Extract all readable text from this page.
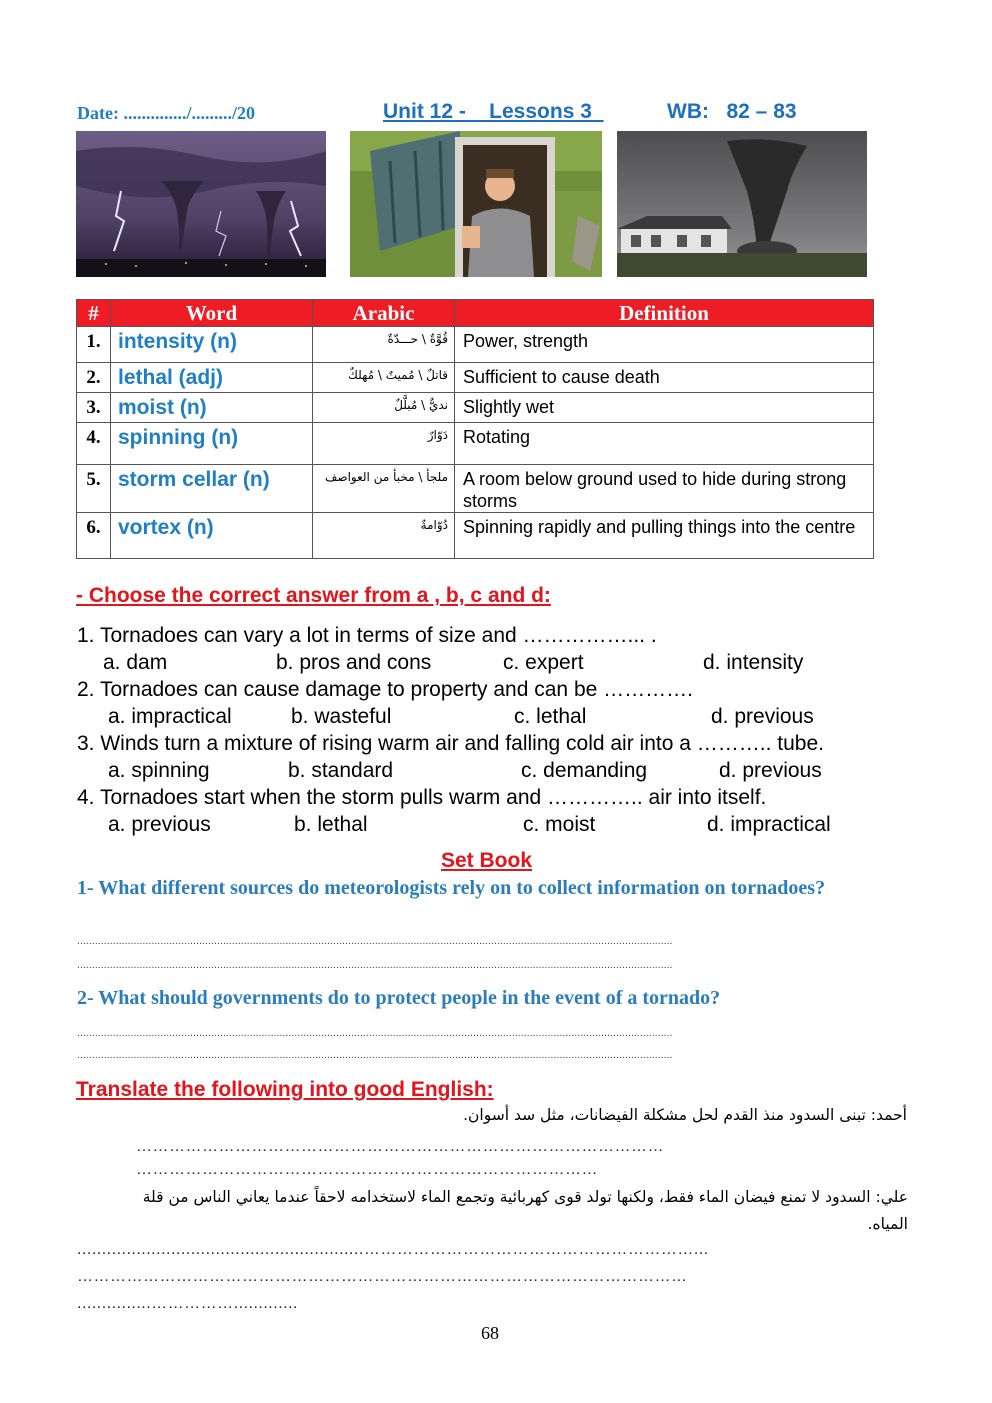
Date: ............../........./20	Unit 12 -    Lessons 3	WB:   82 – 83
#	Word	Arabic	Definition
1.	intensity (n)	قُوَّةٌ \ حـــدّةٌ	Power, strength
2.	lethal (adj)	قاتلٌ \ مُميتٌ \ مُهلكٌ	Sufficient to cause death
3.	moist (n)	نديٌّ \ مُبلَّلٌ	Slightly wet
4.	spinning (n)	دَوّارٌ	Rotating
5.	storm cellar (n)	ملجأ \ مخبأ من العواصف	A room below ground used to hide during strong storms
6.	vortex (n)	دُوّامةٌ	Spinning rapidly and pulling things into the centre
- Choose the correct answer from a , b, c and d:
1. Tornadoes can vary a lot in terms of size and ……………... .
a. dam	b. pros and cons	c. expert	d. intensity
2. Tornadoes can cause damage to property and can be ………….
a. impractical	b. wasteful	c. lethal	d. previous
3. Winds turn a mixture of rising warm air and falling cold air into a ……….. tube.
a. spinning	b. standard	c. demanding	d. previous
4. Tornadoes start when the storm pulls warm and ………….. air into itself.
a. previous	b. lethal	c. moist	d. impractical
Set Book
1- What different sources do meteorologists rely on to collect information on tornadoes?
........................................................................................................................................................................................................
........................................................................................................................................................................................................
2- What should governments do to protect people in the event of a tornado?
........................................................................................................................................................................................................
........................................................................................................................................................................................................
Translate the following into good English:
أحمد: تبنى السدود منذ القدم لحل مشكلة الفيضانات، مثل سد أسوان.
……………………………………………………………………………………
…………………………………………………………………………
علي: السدود لا تمنع فيضان الماء فقط، ولكنها تولد قوى كهربائية وتجمع الماء لاستخدامه لاحقاً عندما يعاني الناس من قلة المياه.
..........................................................……………………………………………………...
…………………………………………………………………………………………………
...............…………….............
68
